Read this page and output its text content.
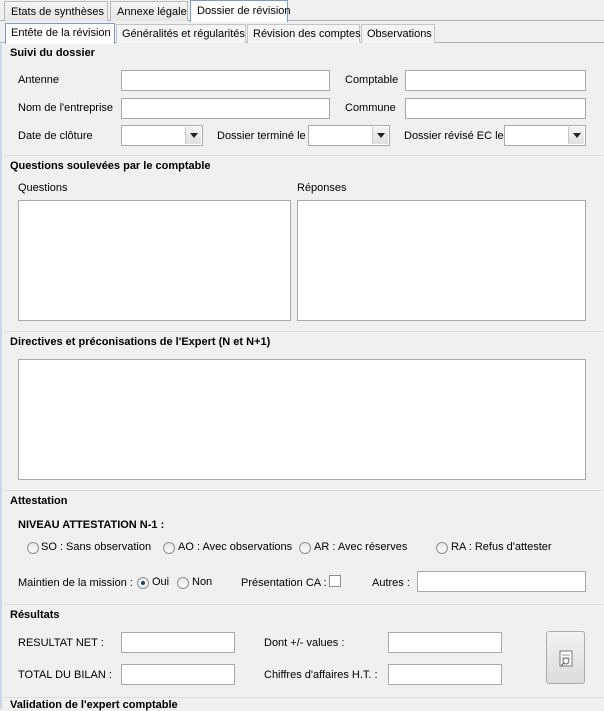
Etats de synthèses	Annexe légale Dossier de révision
Entête de la révision	Généralités et régularités Révision des comptes Observations
Suivi du dossier
Antenne	Comptable
Nom de l'entreprise	Commune
Date de clôture	Dossier terminé le	Dossier révisé EC le
Questions soulevées par le comptable
Questions	Réponses
Directives et préconisations de l'Expert (N et N+1)
Attestation
NIVEAU ATTESTATION N-1 :
SO : Sans observation AO : Avec observations AR : Avec réserves	RA : Refus d'attester
Maintien de la mission : Oui Non	Présentation CA :	Autres :
Résultats
RESULTAT NET :	Dont +/- values :
TOTAL DU BILAN :	Chiffres d'affaires H.T. :
Validation de l'expert comptable
